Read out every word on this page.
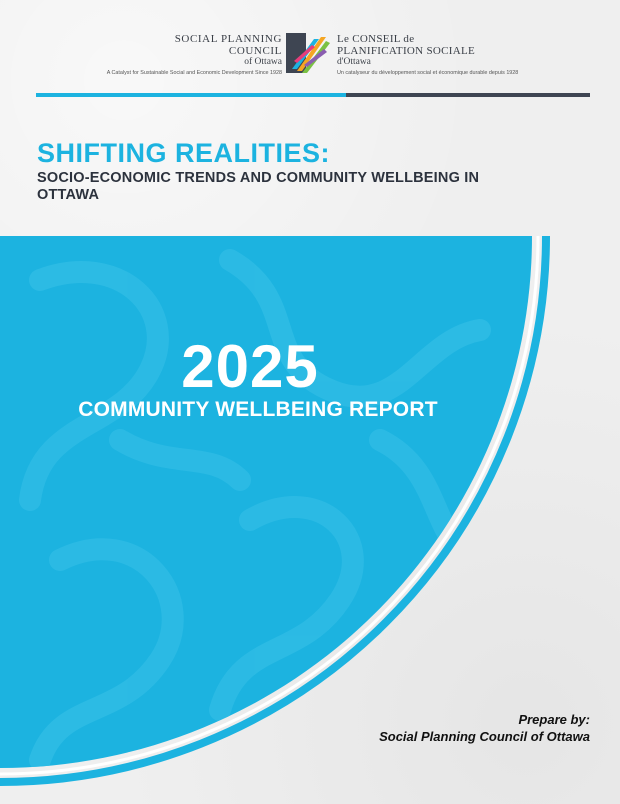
SOCIAL PLANNING
COUNCIL
of Ottawa
A Catalyst for Sustainable Social and Economic Development Since 1928
Le CONSEIL de
PLANIFICATION SOCIALE
d'Ottawa
Un catalyseur du développement social et économique durable depuis 1928
SHIFTING REALITIES:
SOCIO-ECONOMIC TRENDS AND COMMUNITY WELLBEING IN OTTAWA
2025
COMMUNITY WELLBEING REPORT
Prepare by:
Social Planning Council of Ottawa
